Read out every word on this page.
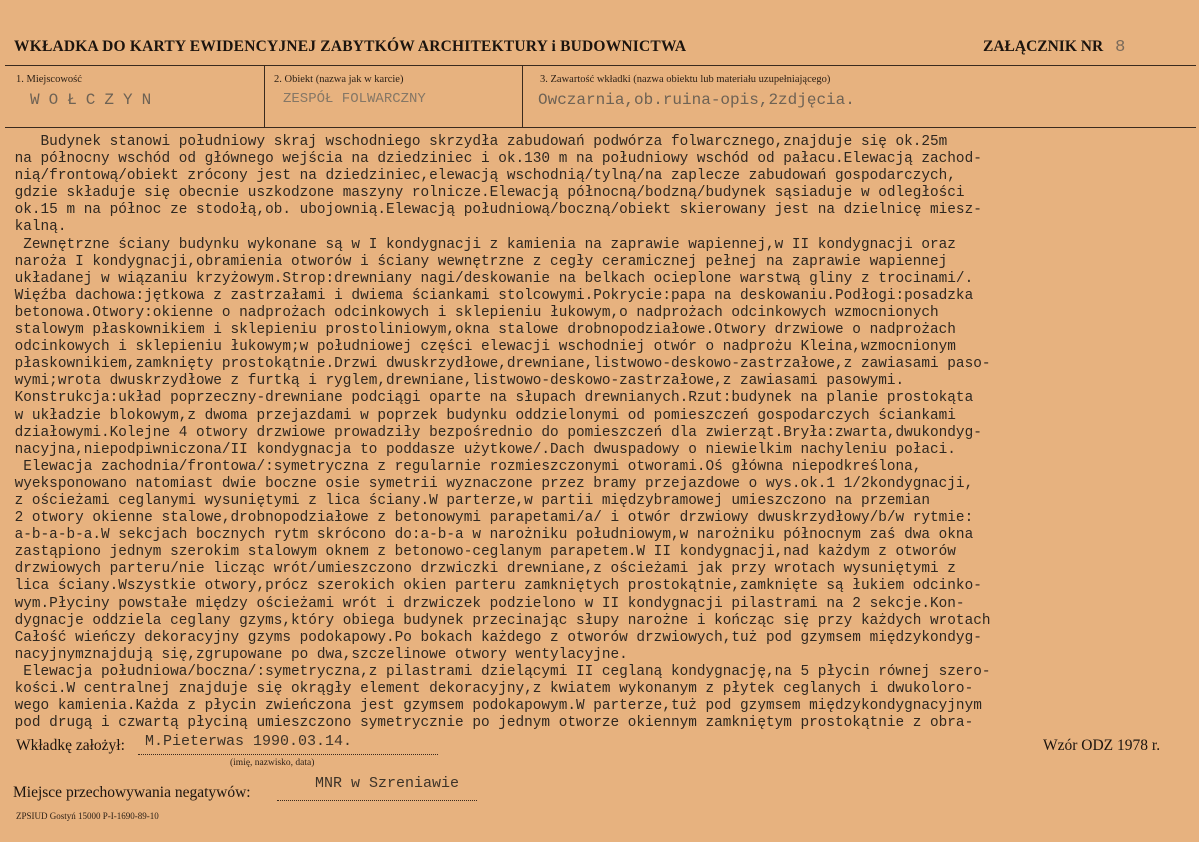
WKŁADKA DO KARTY EWIDENCYJNEJ ZABYTKÓW ARCHITEKTURY i BUDOWNICTWA	ZAŁĄCZNIK NR 8
1. Miejscowość
WOŁCZYN
2. Obiekt (nazwa jak w karcie)
ZESPÓŁ FOLWARCZNY
3. Zawartość wkładki (nazwa obiektu lub materiału uzupełniającego)
Owczarnia,ob.ruina-opis,2zdjęcia.
Budynek stanowi południowy skraj wschodniego skrzydła zabudowań podwórza folwarcznego,znajduje się ok.25m
na północny wschód od głównego wejścia na dziedziniec i ok.130 m na południowy wschód od pałacu.Elewacją zachod-
nią/frontową/obiekt zrócony jest na dziedziniec,elewacją wschodnią/tylną/na zaplecze zabudowań gospodarczych,
gdzie składuje się obecnie uszkodzone maszyny rolnicze.Elewacją północną/bodzną/budynek sąsiaduje w odległości
ok.15 m na północ ze stodołą,ob. ubojownią.Elewacją południową/boczną/obiekt skierowany jest na dzielnicę miesz-
kalną.
Zewnętrzne ściany budynku wykonane są w I kondygnacji z kamienia na zaprawie wapiennej,w II kondygnacji oraz
naroża I kondygnacji,obramienia otworów i ściany wewnętrzne z cegły ceramicznej pełnej na zaprawie wapiennej
układanej w wiązaniu krzyżowym.Strop:drewniany nagi/deskowanie na belkach ocieplone warstwą gliny z trocinami/.
Więźba dachowa:jętkowa z zastrzałami i dwiema ściankami stolcowymi.Pokrycie:papa na deskowaniu.Podłogi:posadzka
betonowa.Otwory:okienne o nadprożach odcinkowych i sklepieniu łukowym,o nadprożach odcinkowych wzmocnionych
stalowym płaskownikiem i sklepieniu prostoliniowym,okna stalowe drobnopodziałowe.Otwory drzwiowe o nadprożach
odcinkowych i sklepieniu łukowym;w południowej części elewacji wschodniej otwór o nadprożu Kleina,wzmocnionym
płaskownikiem,zamknięty prostokątnie.Drzwi dwuskrzydłowe,drewniane,listwowo-deskowo-zastrzałowe,z zawiasami paso-
wymi;wrota dwuskrzydłowe z furtką i ryglem,drewniane,listwowo-deskowo-zastrzałowe,z zawiasami pasowymi.
Konstrukcja:układ poprzeczny-drewniane podciągi oparte na słupach drewnianych.Rzut:budynek na planie prostokąta
w układzie blokowym,z dwoma przejazdami w poprzek budynku oddzielonymi od pomieszczeń gospodarczych ściankami
działowymi.Kolejne 4 otwory drzwiowe prowadziły bezpośrednio do pomieszczeń dla zwierząt.Bryła:zwarta,dwukondyg-
nacyjna,niepodpiwniczona/II kondygnacja to poddasze użytkowe/.Dach dwuspadowy o niewielkim nachyleniu połaci.
Elewacja zachodnia/frontowa/:symetryczna z regularnie rozmieszczonymi otworami.Oś główna niepodkreślona,
wyeksponowano natomiast dwie boczne osie symetrii wyznaczone przez bramy przejazdowe o wys.ok.1 1/2kondygnacji,
z ościeżami ceglanymi wysuniętymi z lica ściany.W parterze,w partii międzybramowej umieszczono na przemian
2 otwory okienne stalowe,drobnopodziałowe z betonowymi parapetami/a/ i otwór drzwiowy dwuskrzydłowy/b/w rytmie:
a-b-a-b-a.W sekcjach bocznych rytm skrócono do:a-b-a w narożniku południowym,w narożniku północnym zaś dwa okna
zastąpiono jednym szerokim stalowym oknem z betonowo-ceglanym parapetem.W II kondygnacji,nad każdym z otworów
drzwiowych parteru/nie licząc wrót/umieszczono drzwiczki drewniane,z ościeżami jak przy wrotach wysuniętymi z
lica ściany.Wszystkie otwory,prócz szerokich okien parteru zamkniętych prostokątnie,zamknięte są łukiem odcinko-
wym.Płyciny powstałe między ościeżami wrót i drzwiczek podzielono w II kondygnacji pilastrami na 2 sekcje.Kon-
dygnacje oddziela ceglany gzyms,który obiega budynek przecinając słupy narożne i kończąc się przy każdych wrotach
Całość wieńczy dekoracyjny gzyms podokapowy.Po bokach każdego z otworów drzwiowych,tuż pod gzymsem międzykondyg-
nacyjnymznajdują się,zgrupowane po dwa,szczelinowe otwory wentylacyjne.
Elewacja południowa/boczna/:symetryczna,z pilastrami dzielącymi II ceglaną kondygnację,na 5 płycin równej szero-
kości.W centralnej znajduje się okrągły element dekoracyjny,z kwiatem wykonanym z płytek ceglanych i dwukoloro-
wego kamienia.Każda z płycin zwieńczona jest gzymsem podokapowym.W parterze,tuż pod gzymsem międzykondygnacyjnym
pod drugą i czwartą płyciną umieszczono symetrycznie po jednym otworze okiennym zamkniętym prostokątnie z obra-
Wkładkę założył: M.Pieterwas 1990.03.14.
(imię, nazwisko, data)
Wzór ODZ 1978 r.
Miejsce przechowywania negatywów:
MNR w Szreniawie
ZPSIUD Gostyń 15000 P-I-1690-89-10
